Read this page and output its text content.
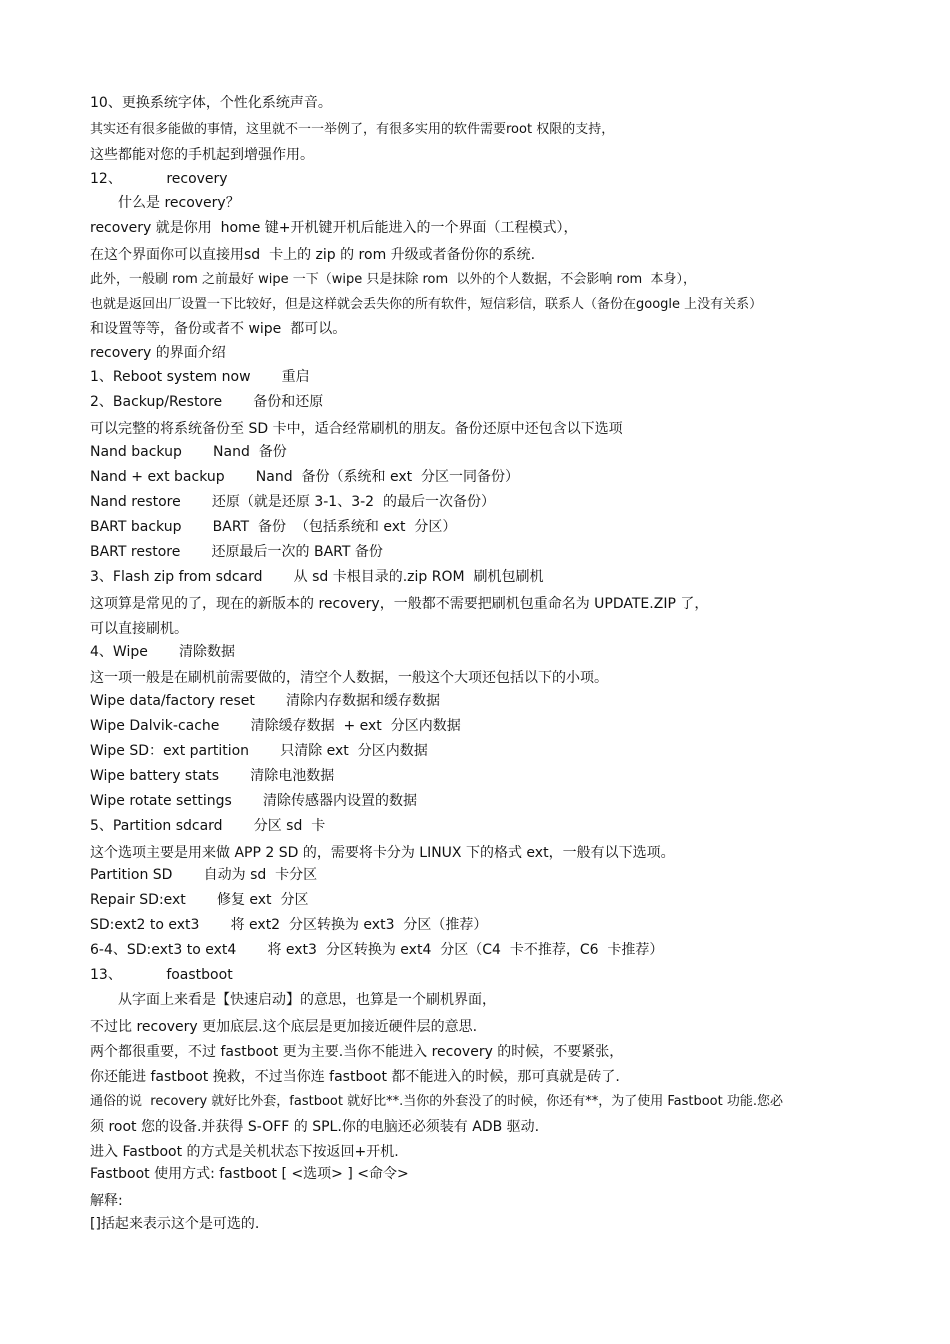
10、更换系统字体，个性化系统声音。

其实还有很多能做的事情，这里就不一一举例了，有很多实用的软件需要root 权限的支持，

这些都能对您的手机起到增强作用。

12、          recovery

什么是 recovery？

recovery 就是你用  home 键+开机键开机后能进入的一个界面（工程模式），

在这个界面你可以直接用sd  卡上的 zip 的 rom 升级或者备份你的系统.

此外，一般刷 rom 之前最好 wipe 一下（wipe 只是抹除 rom  以外的个人数据，不会影响 rom  本身），

也就是返回出厂设置一下比较好，但是这样就会丢失你的所有软件，短信彩信，联系人（备份在google 上没有关系）

和设置等等，备份或者不 wipe  都可以。

recovery 的界面介绍

1、Reboot system now       重启

2、Backup/Restore       备份和还原

可以完整的将系统备份至 SD 卡中，适合经常刷机的朋友。备份还原中还包含以下选项

Nand backup       Nand  备份

Nand + ext backup       Nand  备份（系统和 ext  分区一同备份）

Nand restore       还原（就是还原 3-1、3-2  的最后一次备份）

BART backup       BART  备份  （包括系统和 ext  分区）

BART restore       还原最后一次的 BART 备份

3、Flash zip from sdcard       从 sd 卡根目录的.zip ROM  刷机包刷机

这项算是常见的了，现在的新版本的 recovery，一般都不需要把刷机包重命名为 UPDATE.ZIP 了，

可以直接刷机。

4、Wipe       清除数据

这一项一般是在刷机前需要做的，清空个人数据，一般这个大项还包括以下的小项。

Wipe data/factory reset       清除内存数据和缓存数据

Wipe Dalvik-cache       清除缓存数据  + ext  分区内数据

Wipe SD：ext partition       只清除 ext  分区内数据

Wipe battery stats       清除电池数据

Wipe rotate settings       清除传感器内设置的数据

5、Partition sdcard       分区 sd  卡

这个选项主要是用来做 APP 2 SD 的，需要将卡分为 LINUX 下的格式 ext，一般有以下选项。

Partition SD       自动为 sd  卡分区

Repair SD:ext       修复 ext  分区

SD:ext2 to ext3       将 ext2  分区转换为 ext3  分区（推荐）

6-4、SD:ext3 to ext4       将 ext3  分区转换为 ext4  分区（C4  卡不推荐，C6  卡推荐）

13、          foastboot

从字面上来看是【快速启动】的意思，也算是一个刷机界面，

不过比 recovery 更加底层.这个底层是更加接近硬件层的意思.

两个都很重要，不过 fastboot 更为主要.当你不能进入 recovery 的时候，不要紧张，

你还能进 fastboot 挽救，不过当你连 fastboot 都不能进入的时候，那可真就是砖了.

通俗的说  recovery 就好比外套，fastboot 就好比**.当你的外套没了的时候，你还有**，为了使用 Fastboot 功能.您必

须 root 您的设备.并获得 S-OFF 的 SPL.你的电脑还必须装有 ADB 驱动.

进入 Fastboot 的方式是关机状态下按返回+开机.

Fastboot 使用方式: fastboot [ <选项> ] <命令>

解释:

[]括起来表示这个是可选的.
